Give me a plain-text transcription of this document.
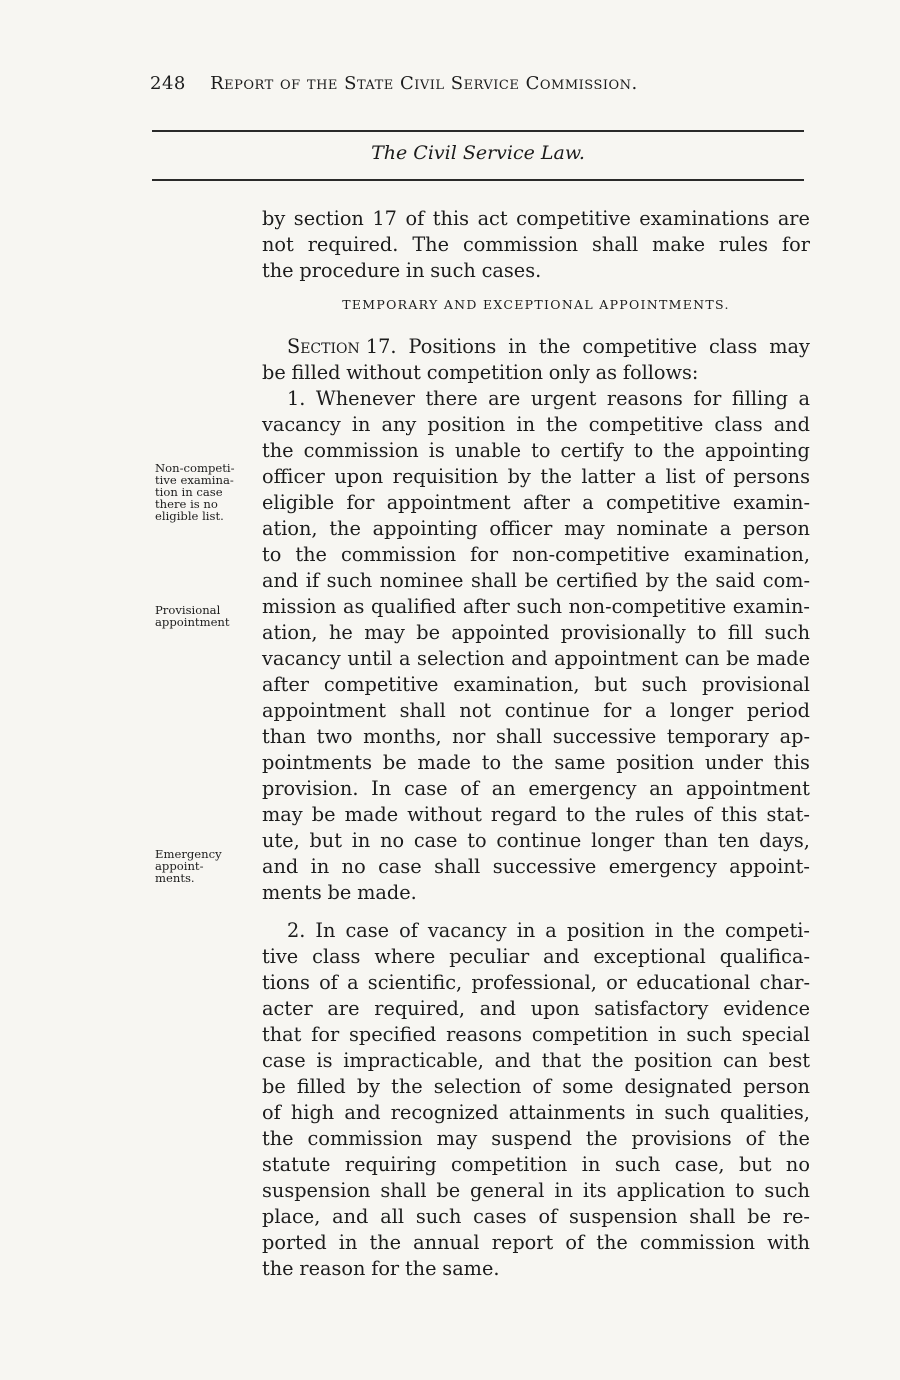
248 Report of the State Civil Service Commission.
The Civil Service Law.
Non-competi-
tive examina-
tion in case
there is no
eligible list.
Provisional
appointment
Emergency
appoint-
ments.
by section 17 of this act competitive examinations are
not required. The commission shall make rules for
the procedure in such cases.
TEMPORARY AND EXCEPTIONAL APPOINTMENTS.
Section 17. Positions in the competitive class may
be filled without competition only as follows:
1. Whenever there are urgent reasons for filling a
vacancy in any position in the competitive class and
the commission is unable to certify to the appointing
officer upon requisition by the latter a list of persons
eligible for appointment after a competitive examin-
ation, the appointing officer may nominate a person
to the commission for non-competitive examination,
and if such nominee shall be certified by the said com-
mission as qualified after such non-competitive examin-
ation, he may be appointed provisionally to fill such
vacancy until a selection and appointment can be made
after competitive examination, but such provisional
appointment shall not continue for a longer period
than two months, nor shall successive temporary ap-
pointments be made to the same position under this
provision. In case of an emergency an appointment
may be made without regard to the rules of this stat-
ute, but in no case to continue longer than ten days,
and in no case shall successive emergency appoint-
ments be made.
2. In case of vacancy in a position in the competi-
tive class where peculiar and exceptional qualifica-
tions of a scientific, professional, or educational char-
acter are required, and upon satisfactory evidence
that for specified reasons competition in such special
case is impracticable, and that the position can best
be filled by the selection of some designated person
of high and recognized attainments in such qualities,
the commission may suspend the provisions of the
statute requiring competition in such case, but no
suspension shall be general in its application to such
place, and all such cases of suspension shall be re-
ported in the annual report of the commission with
the reason for the same.
